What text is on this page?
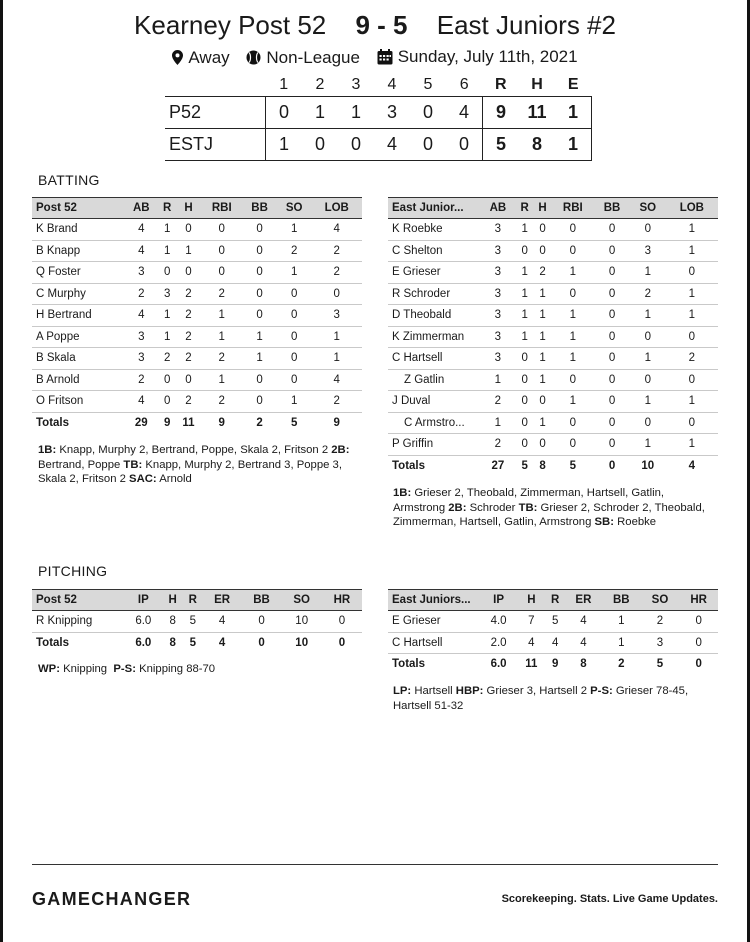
Kearney Post 52 9 - 5 East Juniors #2
Away
Non-League
Sunday, July 11th, 2021
	1	2	3	4	5	6	R	H	E
P52	0	1	1	3	0	4	9	11	1
ESTJ	1	0	0	4	0	0	5	8	1
BATTING
Post 52	AB	R	H	RBI	BB	SO	LOB
K Brand	4	1	0	0	0	1	4
B Knapp	4	1	1	0	0	2	2
Q Foster	3	0	0	0	0	1	2
C Murphy	2	3	2	2	0	0	0
H Bertrand	4	1	2	1	0	0	3
A Poppe	3	1	2	1	1	0	1
B Skala	3	2	2	2	1	0	1
B Arnold	2	0	0	1	0	0	4
O Fritson	4	0	2	2	0	1	2
Totals	29	9	11	9	2	5	9
East Junior...	AB	R	H	RBI	BB	SO	LOB
K Roebke	3	1	0	0	0	0	1
C Shelton	3	0	0	0	0	3	1
E Grieser	3	1	2	1	0	1	0
R Schroder	3	1	1	0	0	2	1
D Theobald	3	1	1	1	0	1	1
K Zimmerman	3	1	1	1	0	0	0
C Hartsell	3	0	1	1	0	1	2
Z Gatlin	1	0	1	0	0	0	0
J Duval	2	0	0	1	0	1	1
C Armstro...	1	0	1	0	0	0	0
P Griffin	2	0	0	0	0	1	1
Totals	27	5	8	5	0	10	4
1B: Knapp, Murphy 2, Bertrand, Poppe, Skala 2, Fritson 2 2B: Bertrand, Poppe TB: Knapp, Murphy 2, Bertrand 3, Poppe 3, Skala 2, Fritson 2 SAC: Arnold
1B: Grieser 2, Theobald, Zimmerman, Hartsell, Gatlin, Armstrong 2B: Schroder TB: Grieser 2, Schroder 2, Theobald, Zimmerman, Hartsell, Gatlin, Armstrong SB: Roebke
PITCHING
Post 52	IP	H	R	ER	BB	SO	HR
R Knipping	6.0	8	5	4	0	10	0
Totals	6.0	8	5	4	0	10	0
East Juniors...	IP	H	R	ER	BB	SO	HR
E Grieser	4.0	7	5	4	1	2	0
C Hartsell	2.0	4	4	4	1	3	0
Totals	6.0	11	9	8	2	5	0
WP: Knipping P-S: Knipping 88-70
LP: Hartsell HBP: Grieser 3, Hartsell 2 P-S: Grieser 78-45, Hartsell 51-32
GAMECHANGER	Scorekeeping. Stats. Live Game Updates.
